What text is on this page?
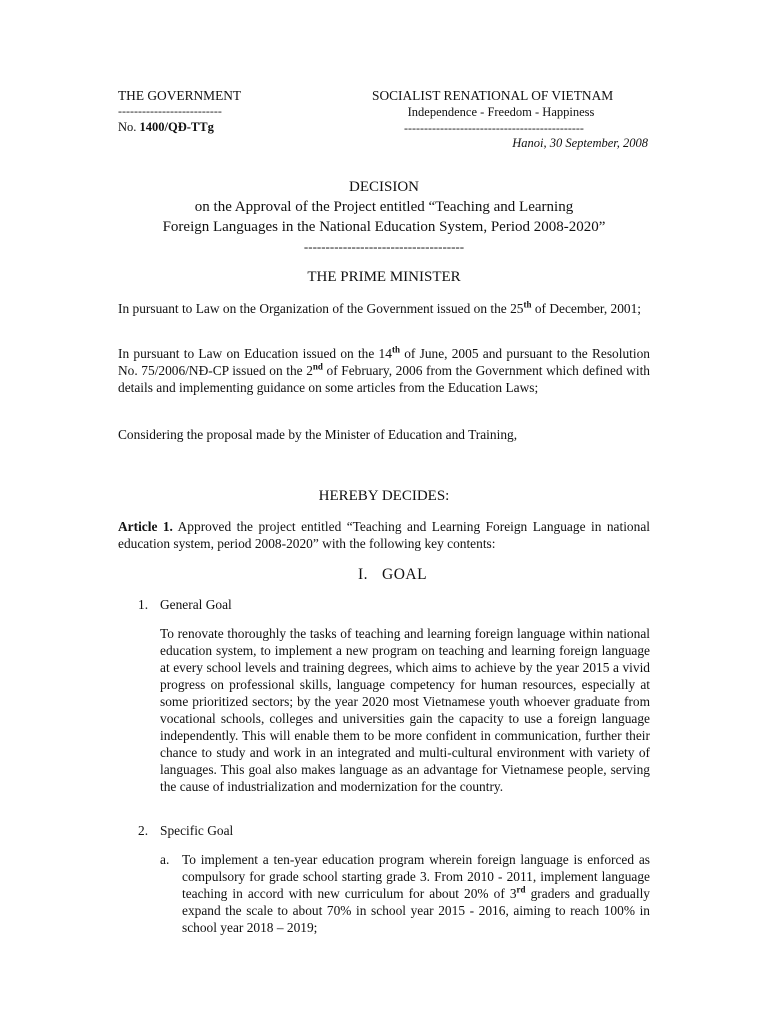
THE GOVERNMENT
--------------------------
No. 1400/QĐ-TTg
SOCIALIST RENATIONAL OF VIETNAM
Independence - Freedom - Happiness
---------------------------------------------
Hanoi, 30 September, 2008
DECISION
on the Approval of the Project entitled “Teaching and Learning
Foreign Languages in the National Education System, Period 2008-2020”
-------------------------------------
THE PRIME MINISTER
In pursuant to Law on the Organization of the Government issued on the 25th of December, 2001;
In pursuant to Law on Education issued on the 14th of June, 2005 and pursuant to the Resolution No. 75/2006/NĐ-CP issued on the 2nd of February, 2006 from the Government which defined with details and implementing guidance on some articles from the Education Laws;
Considering the proposal made by the Minister of Education and Training,
HEREBY DECIDES:
Article 1. Approved the project entitled “Teaching and Learning Foreign Language in national education system, period 2008-2020” with the following key contents:
I. GOAL
1. General Goal
To renovate thoroughly the tasks of teaching and learning foreign language within national education system, to implement a new program on teaching and learning foreign language at every school levels and training degrees, which aims to achieve by the year 2015 a vivid progress on professional skills, language competency for human resources, especially at some prioritized sectors; by the year 2020 most Vietnamese youth whoever graduate from vocational schools, colleges and universities gain the capacity to use a foreign language independently. This will enable them to be more confident in communication, further their chance to study and work in an integrated and multi-cultural environment with variety of languages. This goal also makes language as an advantage for Vietnamese people, serving the cause of industrialization and modernization for the country.
2. Specific Goal
a. To implement a ten-year education program wherein foreign language is enforced as compulsory for grade school starting grade 3. From 2010 - 2011, implement language teaching in accord with new curriculum for about 20% of 3rd graders and gradually expand the scale to about 70% in school year 2015 - 2016, aiming to reach 100% in school year 2018 – 2019;
